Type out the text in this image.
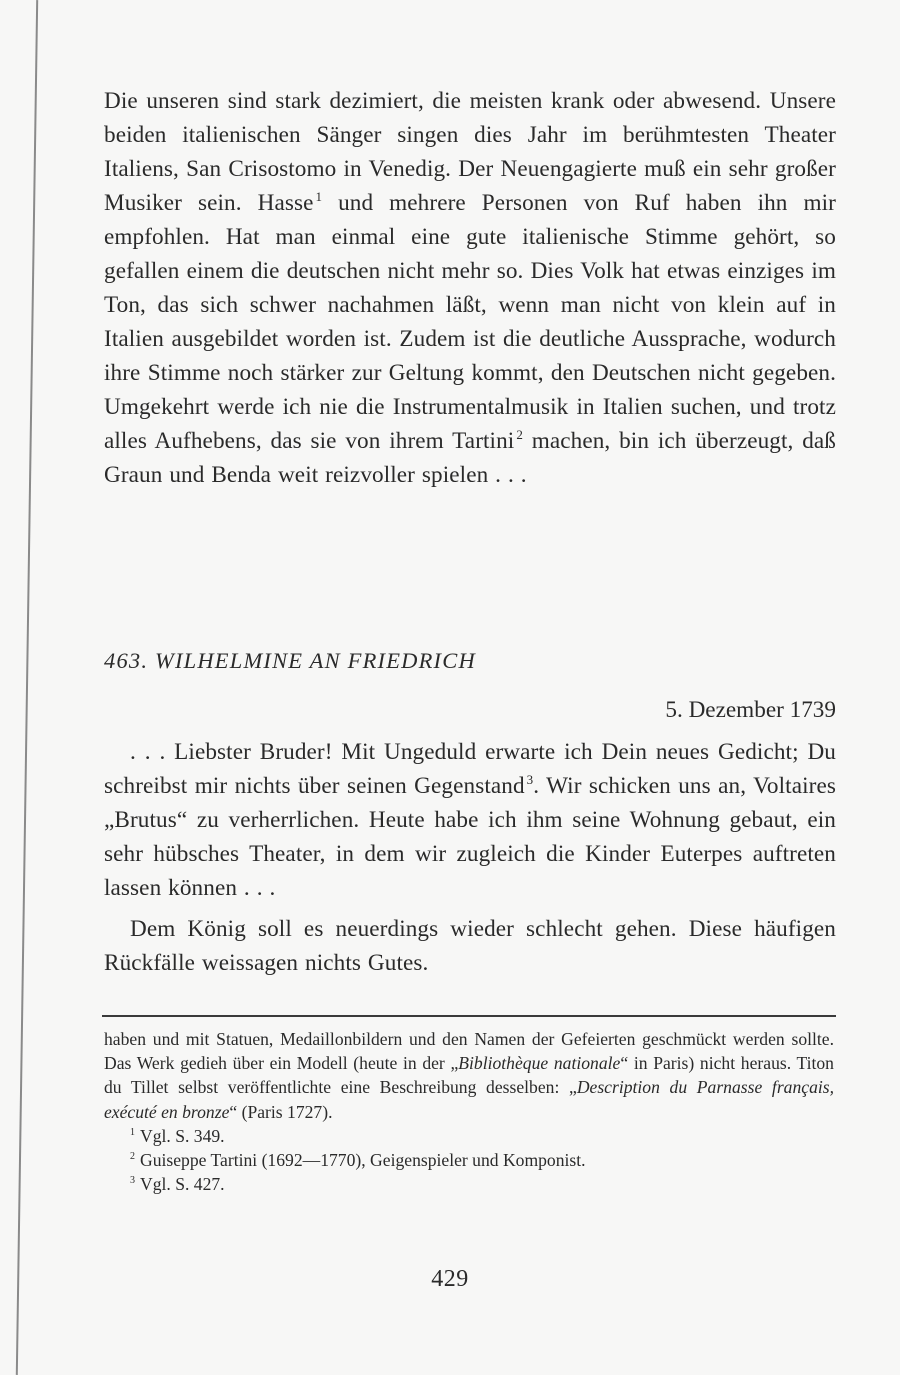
Die unseren sind stark dezimiert, die meisten krank oder abwesend. Unsere beiden italienischen Sänger singen dies Jahr im berühmtesten Theater Italiens, San Crisostomo in Venedig. Der Neuengagierte muß ein sehr großer Musiker sein. Hasse $^1$ und mehrere Personen von Ruf haben ihn mir empfohlen. Hat man einmal eine gute italienische Stimme gehört, so gefallen einem die deutschen nicht mehr so. Dies Volk hat etwas einziges im Ton, das sich schwer nachahmen läßt, wenn man nicht von klein auf in Italien ausgebildet worden ist. Zudem ist die deutliche Aussprache, wodurch ihre Stimme noch stärker zur Geltung kommt, den Deutschen nicht gegeben. Umgekehrt werde ich nie die Instrumentalmusik in Italien suchen, und trotz alles Aufhebens, das sie von ihrem Tartini $^2$ machen, bin ich überzeugt, daß Graun und Benda weit reizvoller spielen . . .

463. WILHELMINE AN FRIEDRICH
5. Dezember 1739

. . . Liebster Bruder! Mit Ungeduld erwarte ich Dein neues Gedicht; Du schreibst mir nichts über seinen Gegenstand $^3$. Wir schicken uns an, Voltaires „Brutus“ zu verherrlichen. Heute habe ich ihm seine Wohnung gebaut, ein sehr hübsches Theater, in dem wir zugleich die Kinder Euterpes auftreten lassen können . . .

Dem König soll es neuerdings wieder schlecht gehen. Diese häufigen Rückfälle weissagen nichts Gutes.

haben und mit Statuen, Medaillonbildern und den Namen der Gefeierten geschmückt werden sollte. Das Werk gedieh über ein Modell (heute in der „Bibliothèque nationale“ in Paris) nicht heraus. Titon du Tillet selbst veröffentlichte eine Beschreibung desselben: „Description du Parnasse français, exécuté en bronze“ (Paris 1727).

$^1$ Vgl. S. 349.

$^2$ Guiseppe Tartini (1692—1770), Geigenspieler und Komponist.

$^3$ Vgl. S. 427.

429
